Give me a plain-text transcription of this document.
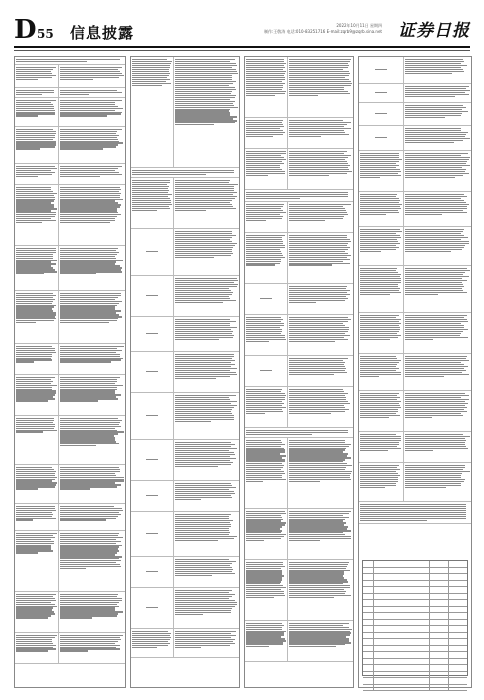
D 55 信息披露	2022年10月11日 星期四
制作:王敬涛 电话:010-83251716 E-mail:zqrb9@zqrb.sina.net 证券日报
